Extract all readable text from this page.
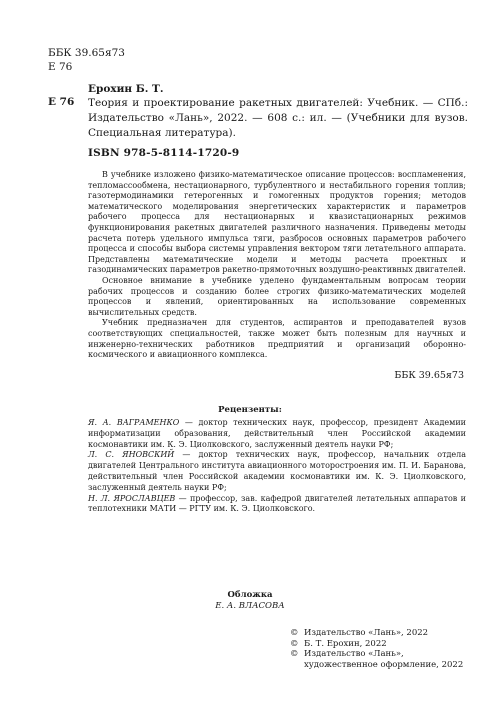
ББК 39.65я73
Е 76
Ерохин Б. Т.
Е 76 Теория и проектирование ракетных двигателей: Учебник. — СПб.: Издательство «Лань», 2022. — 608 с.: ил. — (Учебники для вузов. Специальная литература).
ISBN 978-5-8114-1720-9

В учебнике изложено физико-математическое описание процессов: воспламенения, тепломассообмена, нестационарного, турбулентного и нестабильного горения топлив; газотермодинамики гетерогенных и гомогенных продуктов горения; методов математического моделирования энергетических характеристик и параметров рабочего процесса для нестационарных и квазистационарных режимов функционирования ракетных двигателей различного назначения. Приведены методы расчета потерь удельного импульса тяги, разбросов основных параметров рабочего процесса и способы выбора системы управления вектором тяги летательного аппарата. Представлены математические модели и методы расчета проектных и газодинамических параметров ракетно-прямоточных воздушно-реактивных двигателей.

Основное внимание в учебнике уделено фундаментальным вопросам теории рабочих процессов и созданию более строгих физико-математических моделей процессов и явлений, ориентированных на использование современных вычислительных средств.

Учебник предназначен для студентов, аспирантов и преподавателей вузов соответствующих специальностей, также может быть полезным для научных и инженерно-технических работников предприятий и организаций оборонно-космического и авиационного комплекса.

ББК 39.65я73
Рецензенты:

Я. А. ВАГРАМЕНКО — доктор технических наук, профессор, президент Академии информатизации образования, действительный член Российской академии космонавтики им. К. Э. Циолковского, заслуженный деятель науки РФ;

Л. С. ЯНОВСКИЙ — доктор технических наук, профессор, начальник отдела двигателей Центрального института авиационного моторостроения им. П. И. Баранова, действительный член Российской академии космонавтики им. К. Э. Циолковского, заслуженный деятель науки РФ;

Н. Л. ЯРОСЛАВЦЕВ — профессор, зав. кафедрой двигателей летательных аппаратов и теплотехники МАТИ — РГТУ им. К. Э. Циолковского.

Обложка
Е. А. ВЛАСОВА
© Издательство «Лань», 2022
© Б. Т. Ерохин, 2022
© Издательство «Лань»,
художественное оформление, 2022
